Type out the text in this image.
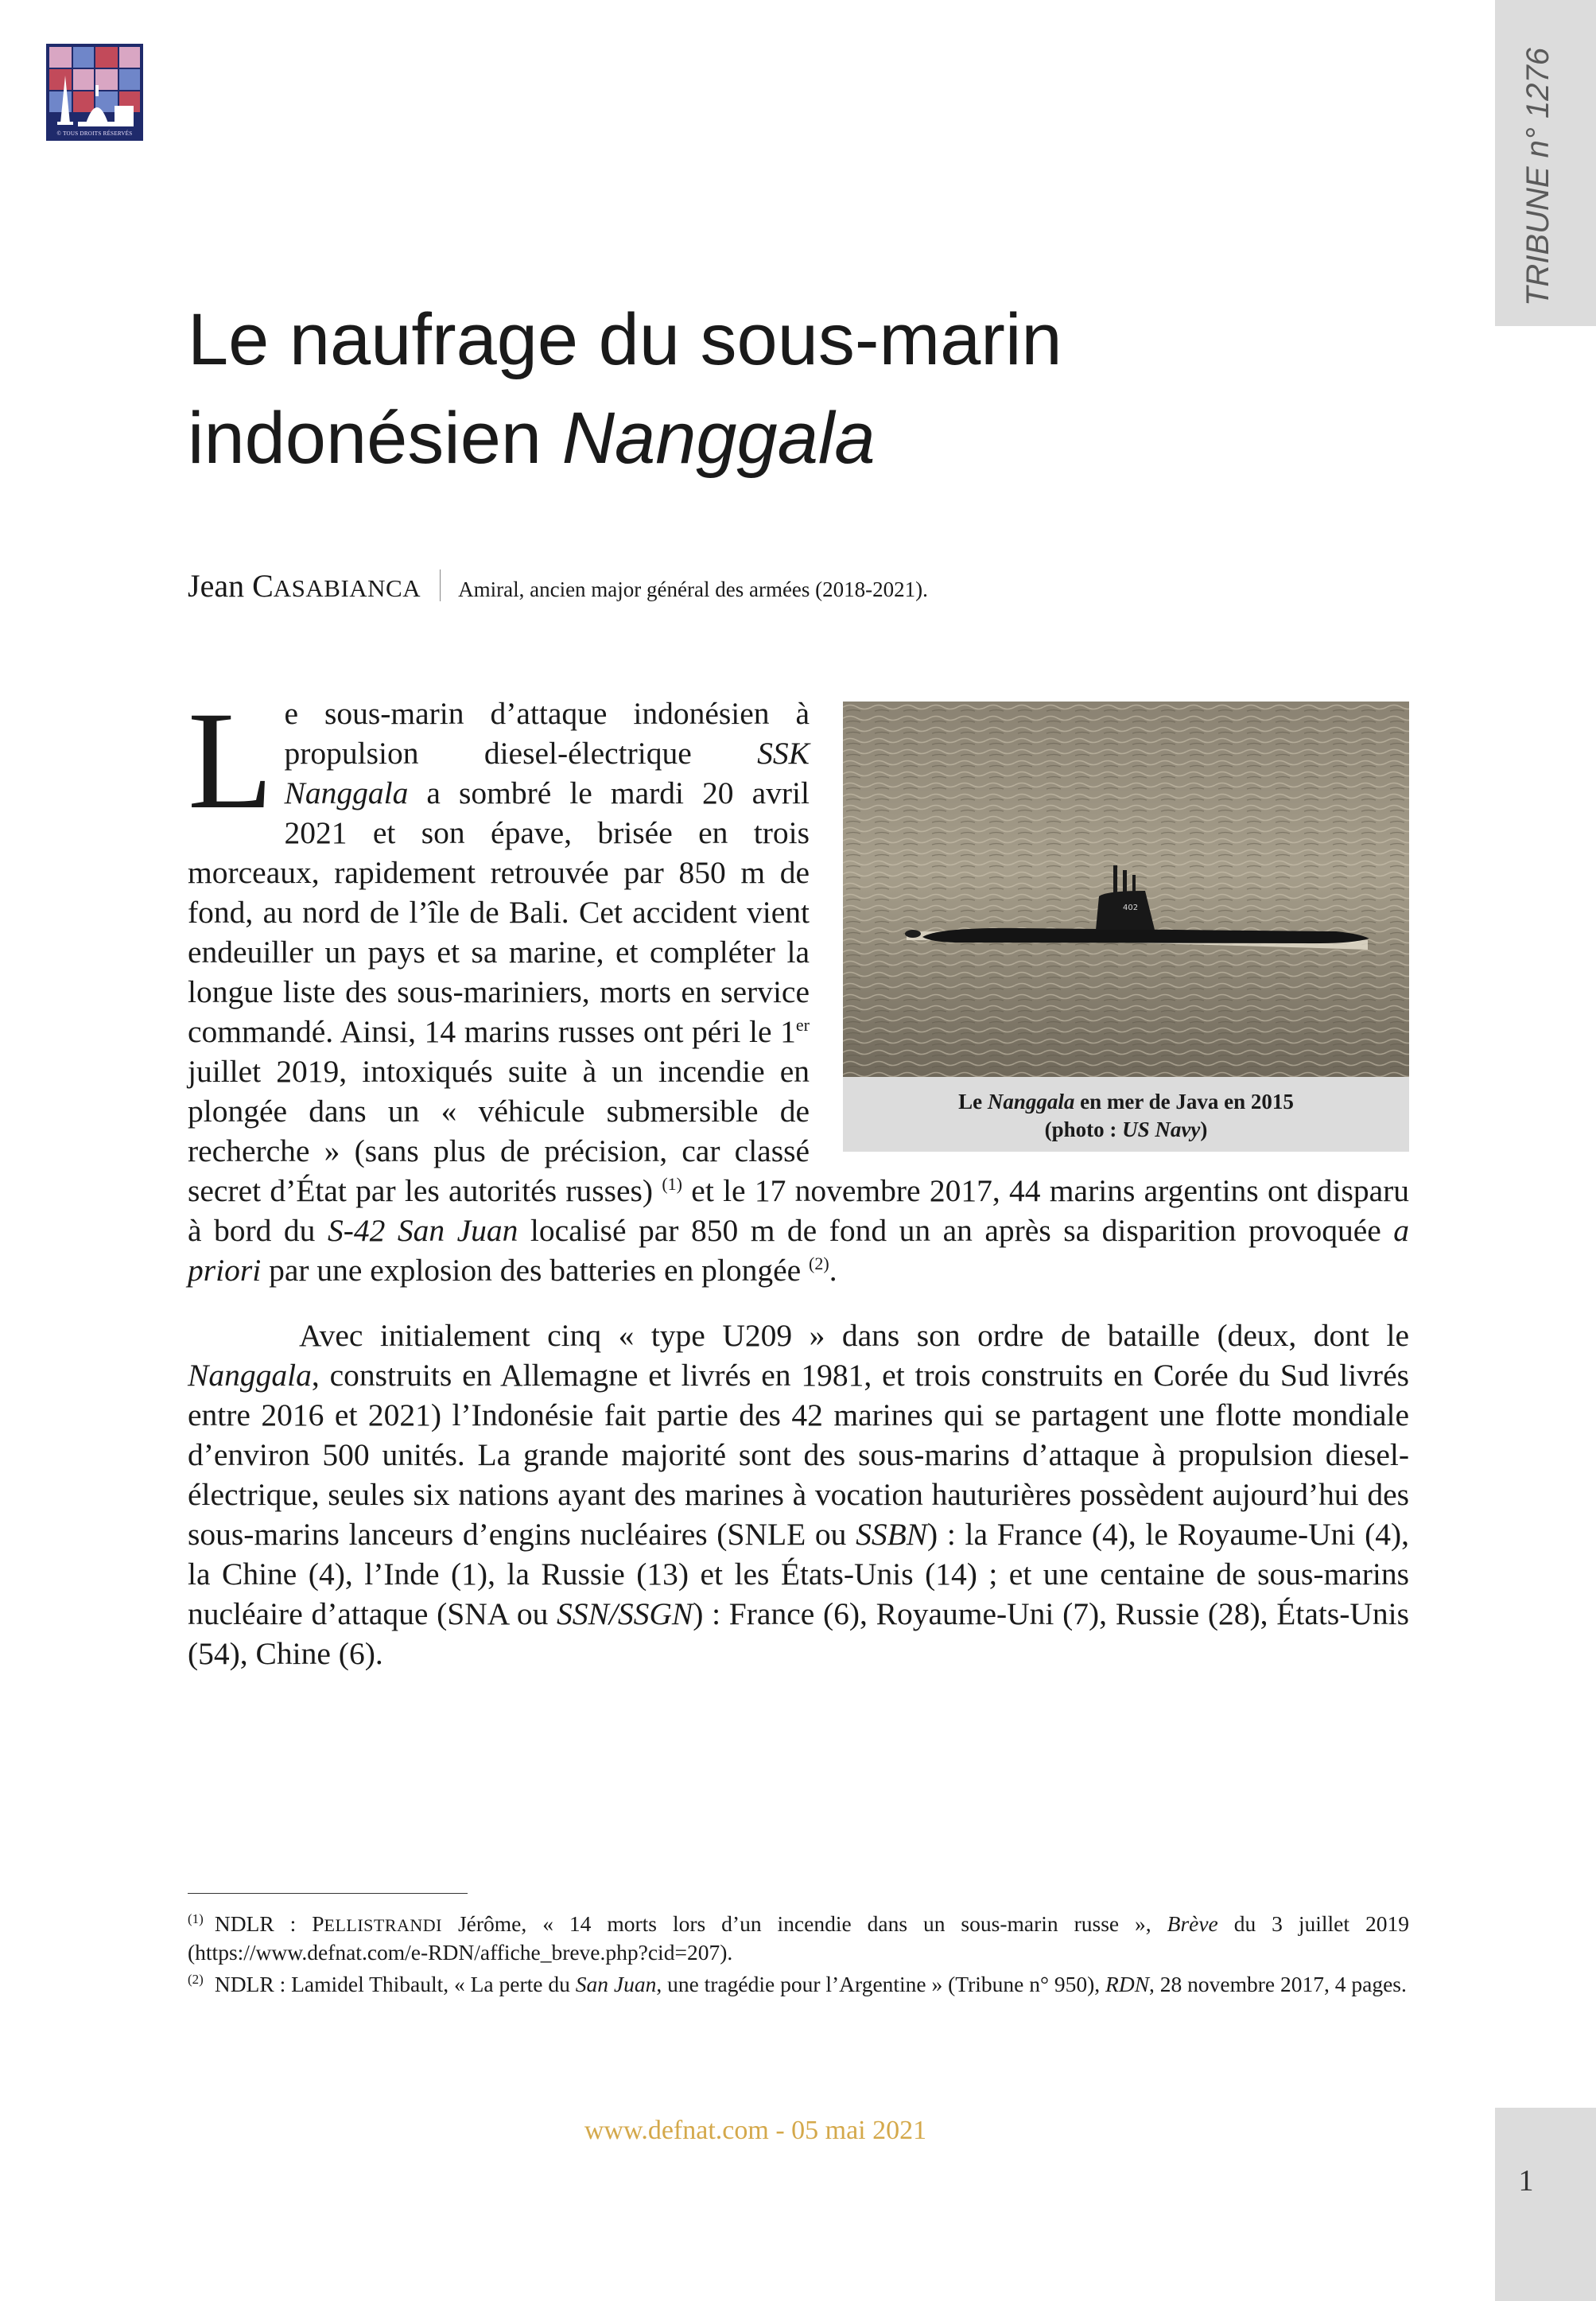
© TOUS DROITS RÉSERVÉS	TRIBUNE n° 1276
Le naufrage du sous-marin
indonésien Nanggala
Jean CASABIANCA Amiral, ancien major général des armées (2018-2021).
402
Le Nanggala en mer de Java en 2015
(photo : US Navy)

Le sous-marin d’attaque indonésien à propulsion diesel-électrique SSK Nanggala a sombré le mardi 20 avril 2021 et son épave, brisée en trois morceaux, rapidement retrouvée par 850 m de fond, au nord de l’île de Bali. Cet accident vient endeuiller un pays et sa marine, et compléter la longue liste des sous-mariniers, morts en service commandé. Ainsi, 14 marins russes ont péri le 1er juillet 2019, intoxiqués suite à un incendie en plongée dans un « véhicule submersible de recherche » (sans plus de précision, car classé secret d’État par les autorités russes) $^{(1)}$ et le 17 novembre 2017, 44 marins argentins ont disparu à bord du S-42 San Juan localisé par 850 m de fond un an après sa disparition provoquée a priori par une explosion des batteries en plongée $^{(2)}$.

Avec initialement cinq « type U209 » dans son ordre de bataille (deux, dont le Nanggala, construits en Allemagne et livrés en 1981, et trois construits en Corée du Sud livrés entre 2016 et 2021) l’Indonésie fait partie des 42 marines qui se partagent une flotte mondiale d’environ 500 unités. La grande majorité sont des sous-marins d’attaque à propulsion diesel-électrique, seules six nations ayant des marines à vocation hauturières possèdent aujourd’hui des sous-marins lanceurs d’engins nucléaires (SNLE ou SSBN) : la France (4), le Royaume-Uni (4), la Chine (4), l’Inde (1), la Russie (13) et les États-Unis (14) ; et une centaine de sous-marins nucléaire d’attaque (SNA ou SSN/SSGN) : France (6), Royaume-Uni (7), Russie (28), États-Unis (54), Chine (6).

$^{(1)}$ NDLR : PELLISTRANDI Jérôme, « 14 morts lors d’un incendie dans un sous-marin russe », Brève du 3 juillet 2019 (https://www.defnat.com/e-RDN/affiche_breve.php?cid=207).

$^{(2)}$ NDLR : Lamidel Thibault, « La perte du San Juan, une tragédie pour l’Argentine » (Tribune n° 950), RDN, 28 novembre 2017, 4 pages.

www.defnat.com - 05 mai 2021
1
